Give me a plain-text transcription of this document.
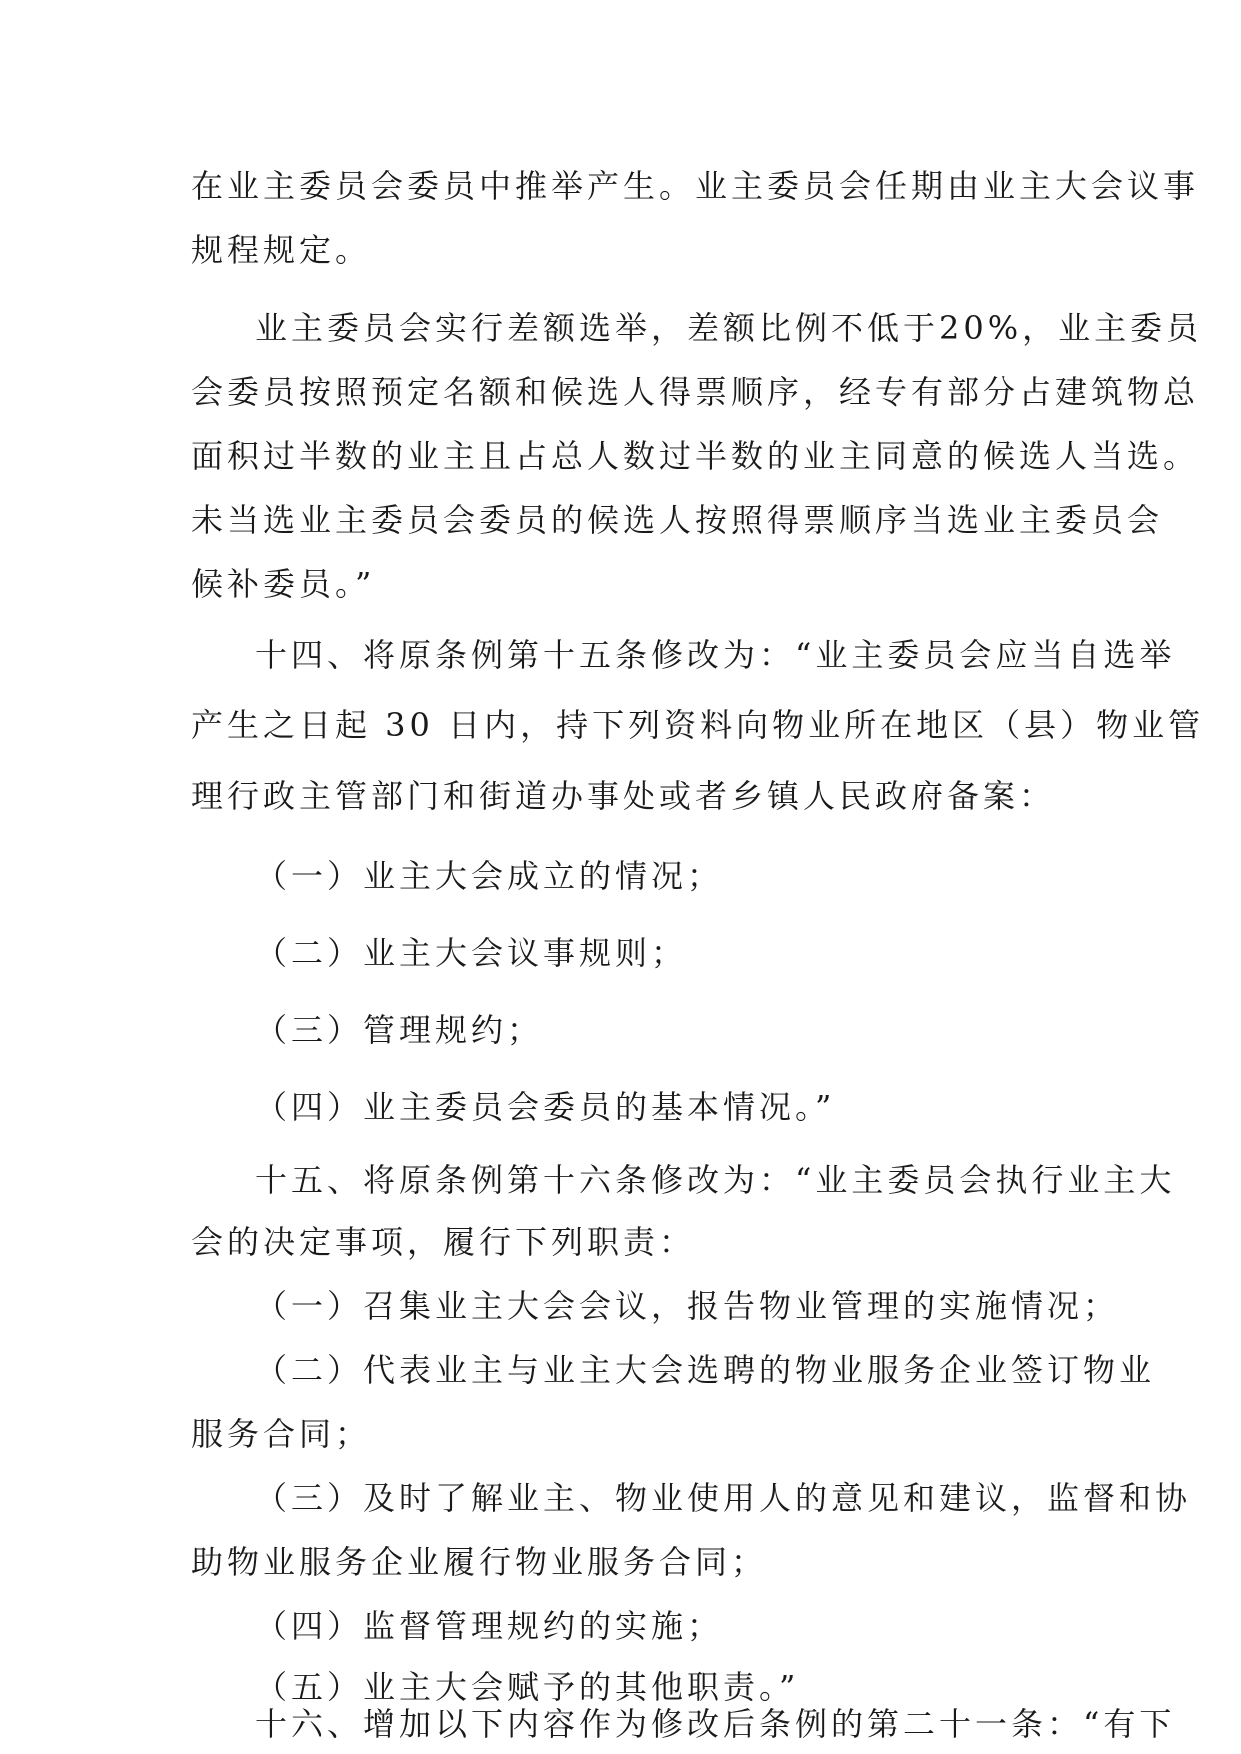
在业主委员会委员中推举产生。业主委员会任期由业主大会议事

规程规定。

业主委员会实行差额选举，差额比例不低于20%，业主委员

会委员按照预定名额和候选人得票顺序，经专有部分占建筑物总

面积过半数的业主且占总人数过半数的业主同意的候选人当选。

未当选业主委员会委员的候选人按照得票顺序当选业主委员会

候补委员。”

十四、将原条例第十五条修改为：“业主委员会应当自选举

产生之日起 30 日内，持下列资料向物业所在地区（县）物业管

理行政主管部门和街道办事处或者乡镇人民政府备案：

（一）业主大会成立的情况；

（二）业主大会议事规则；

（三）管理规约；

（四）业主委员会委员的基本情况。”

十五、将原条例第十六条修改为：“业主委员会执行业主大

会的决定事项，履行下列职责：

（一）召集业主大会会议，报告物业管理的实施情况；

（二）代表业主与业主大会选聘的物业服务企业签订物业

服务合同；

（三）及时了解业主、物业使用人的意见和建议，监督和协

助物业服务企业履行物业服务合同；

（四）监督管理规约的实施；

（五）业主大会赋予的其他职责。”

十六、增加以下内容作为修改后条例的第二十一条：“有下
